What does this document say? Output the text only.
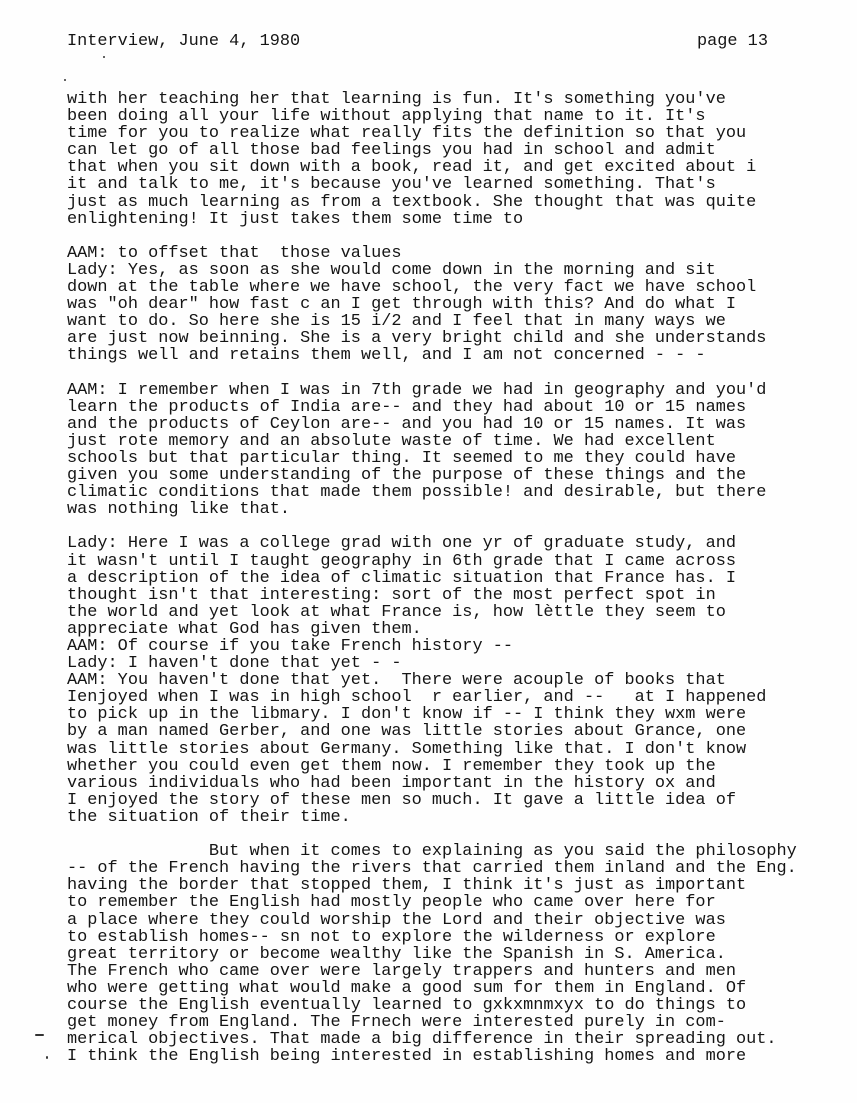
Interview, June 4, 1980	page 13
with her teaching her that learning is fun. It's something you've
been doing all your life without applying that name to it. It's
time for you to realize what really fits the definition so that you
can let go of all those bad feelings you had in school and admit
that when you sit down with a book, read it, and get excited about i
it and talk to me, it's because you've learned something. That's
just as much learning as from a textbook. She thought that was quite
enlightening! It just takes them some time to
AAM: to offset that  those values
Lady: Yes, as soon as she would come down in the morning and sit
down at the table where we have school, the very fact we have school
was "oh dear" how fast c an I get through with this? And do what I
want to do. So here she is 15 i/2 and I feel that in many ways we
are just now beinning. She is a very bright child and she understands
things well and retains them well, and I am not concerned - - -
AAM: I remember when I was in 7th grade we had in geography and you'd
learn the products of India are-- and they had about 10 or 15 names
and the products of Ceylon are-- and you had 10 or 15 names. It was
just rote memory and an absolute waste of time. We had excellent
schools but that particular thing. It seemed to me they could have
given you some understanding of the purpose of these things and the
climatic conditions that made them possible! and desirable, but there
was nothing like that.
Lady: Here I was a college grad with one yr of graduate study, and
it wasn't until I taught geography in 6th grade that I came across
a description of the idea of climatic situation that France has. I
thought isn't that interesting: sort of the most perfect spot in
the world and yet look at what France is, how lèttle they seem to
appreciate what God has given them.
AAM: Of course if you take French history --
Lady: I haven't done that yet - -
AAM: You haven't done that yet.  There were acouple of books that
Ienjoyed when I was in high school  r earlier, and --   at I happened
to pick up in the libmary. I don't know if -- I think they wxm were
by a man named Gerber, and one was little stories about Grance, one
was little stories about Germany. Something like that. I don't know
whether you could even get them now. I remember they took up the
various individuals who had been important in the history ox and
I enjoyed the story of these men so much. It gave a little idea of
the situation of their time.
But when it comes to explaining as you said the philosophy
-- of the French having the rivers that carried them inland and the Eng.
having the border that stopped them, I think it's just as important
to remember the English had mostly people who came over here for
a place where they could worship the Lord and their objective was
to establish homes-- sn not to explore the wilderness or explore
great territory or become wealthy like the Spanish in S. America.
The French who came over were largely trappers and hunters and men
who were getting what would make a good sum for them in England. Of
course the English eventually learned to gxkxmnmxyx to do things to
get money from England. The Frnech were interested purely in com-
merical objectives. That made a big difference in their spreading out.
I think the English being interested in establishing homes and more
